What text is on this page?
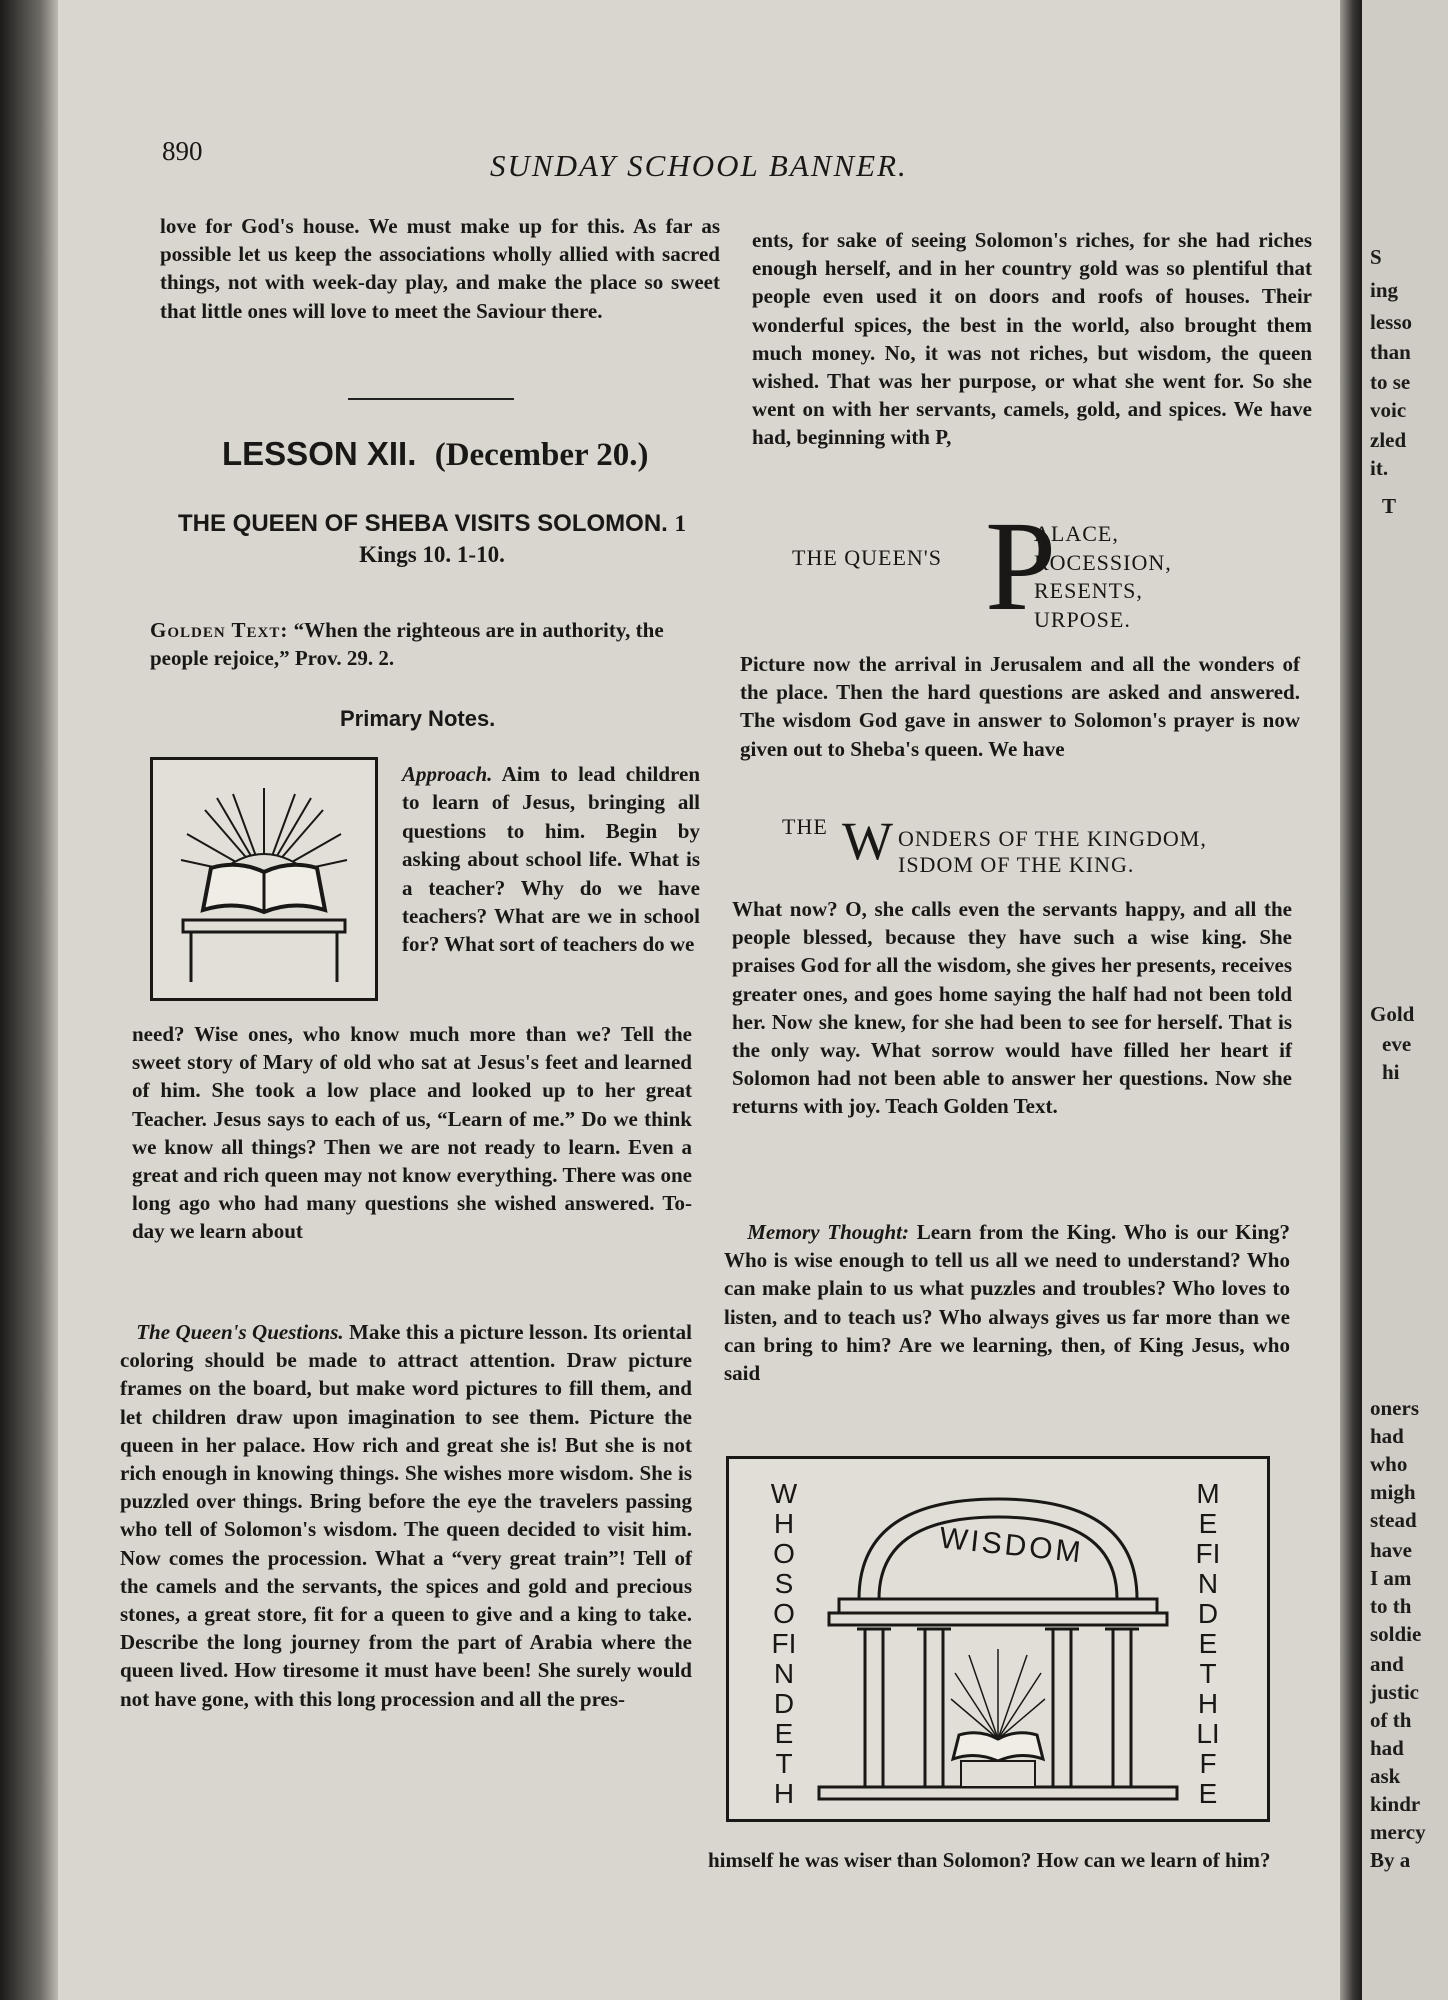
S
ing
lesso
than
to se
voic
zled
it.
T
Gold
eve
hi
oners
had
who
migh
stead
have
I am
to th
soldie
and
justic
of th
had
ask
kindr
mercy
By a
890	SUNDAY SCHOOL BANNER.

love for God's house. We must make up for this. As far as possible let us keep the associations wholly allied with sacred things, not with week-day play, and make the place so sweet that little ones will love to meet the Saviour there.

LESSON XII. (December 20.)
THE QUEEN OF SHEBA VISITS SOLOMON. 1 Kings 10. 1-10.
Golden Text: “When the righteous are in authority, the people rejoice,” Prov. 29. 2.
Primary Notes.
Approach. Aim to lead children to learn of Jesus, bringing all questions to him. Begin by asking about school life. What is a teacher? Why do we have teachers? What are we in school for? What sort of teachers do we

need? Wise ones, who know much more than we? Tell the sweet story of Mary of old who sat at Jesus's feet and learned of him. She took a low place and looked up to her great Teacher. Jesus says to each of us, “Learn of me.” Do we think we know all things? Then we are not ready to learn. Even a great and rich queen may not know everything. There was one long ago who had many questions she wished answered. To-day we learn about

The Queen's Questions. Make this a picture lesson. Its oriental coloring should be made to attract attention. Draw picture frames on the board, but make word pictures to fill them, and let children draw upon imagination to see them. Picture the queen in her palace. How rich and great she is! But she is not rich enough in knowing things. She wishes more wisdom. She is puzzled over things. Bring before the eye the travelers passing who tell of Solomon's wisdom. The queen decided to visit him. Now comes the procession. What a “very great train”! Tell of the camels and the servants, the spices and gold and precious stones, a great store, fit for a queen to give and a king to take. Describe the long journey from the part of Arabia where the queen lived. How tiresome it must have been! She surely would not have gone, with this long procession and all the pres-

ents, for sake of seeing Solomon's riches, for she had riches enough herself, and in her country gold was so plentiful that people even used it on doors and roofs of houses. Their wonderful spices, the best in the world, also brought them much money. No, it was not riches, but wisdom, the queen wished. That was her purpose, or what she went for. So she went on with her servants, camels, gold, and spices. We have had, beginning with P,

THE QUEEN'S P
ALACE,
ROCESSION,
RESENTS,
URPOSE.

Picture now the arrival in Jerusalem and all the wonders of the place. Then the hard questions are asked and answered. The wisdom God gave in answer to Solomon's prayer is now given out to Sheba's queen. We have

THE W ONDERS OF THE KINGDOM,
ISDOM OF THE KING.

What now? O, she calls even the servants happy, and all the people blessed, because they have such a wise king. She praises God for all the wisdom, she gives her presents, receives greater ones, and goes home saying the half had not been told her. Now she knew, for she had been to see for herself. That is the only way. What sorrow would have filled her heart if Solomon had not been able to answer her questions. Now she returns with joy. Teach Golden Text.

Memory Thought: Learn from the King. Who is our King? Who is wise enough to tell us all we need to understand? Who can make plain to us what puzzles and troubles? Who loves to listen, and to teach us? Who always gives us far more than we can bring to him? Are we learning, then, of King Jesus, who said

WHOSO FINDETH
ME FINDETH LIFE
WISDOM
himself he was wiser than Solomon? How can we learn of him?
